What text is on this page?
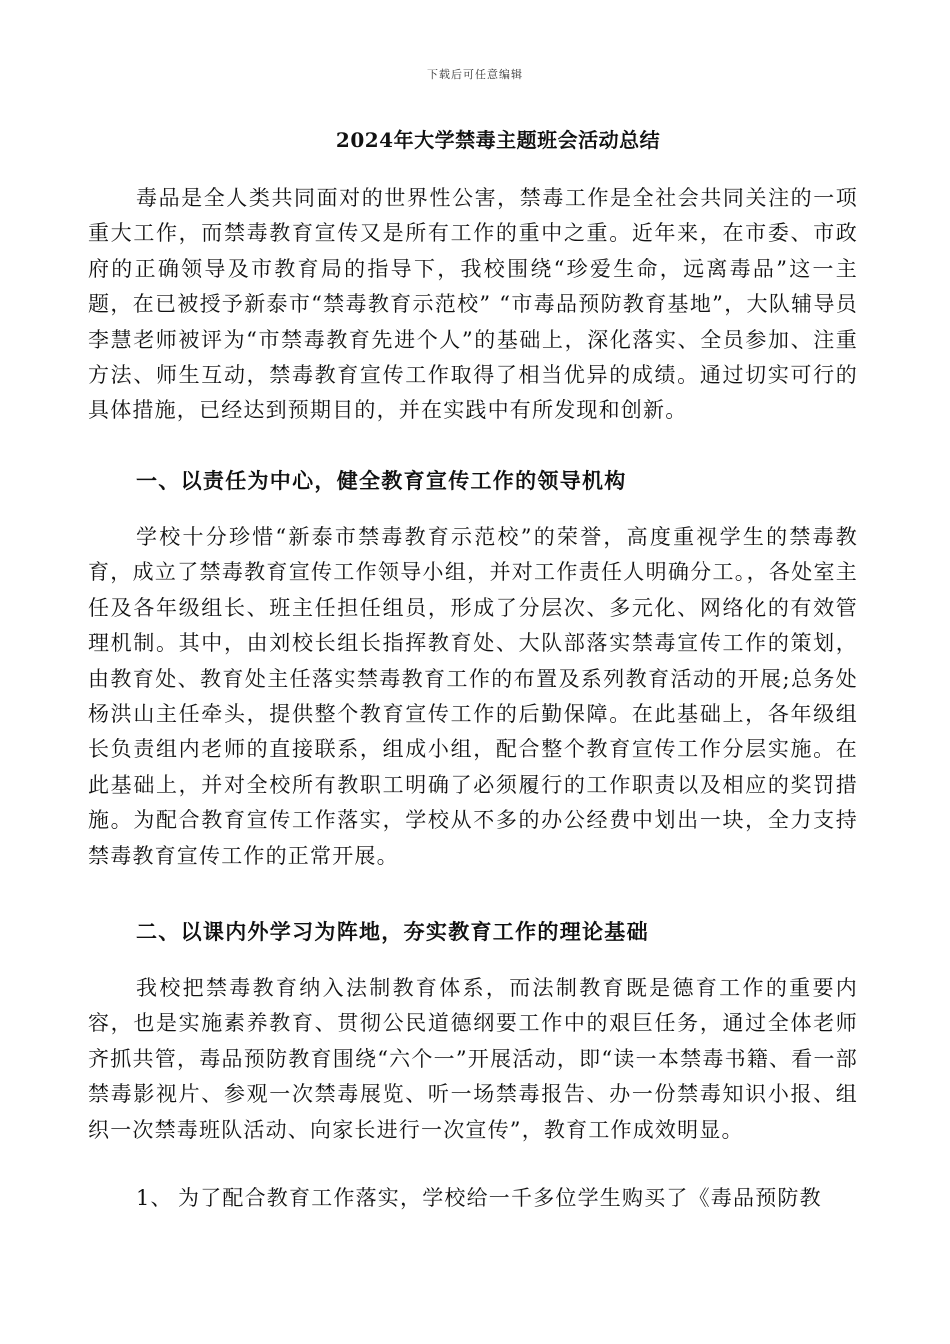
下载后可任意编辑
2024年大学禁毒主题班会活动总结

毒品是全人类共同面对的世界性公害，禁毒工作是全社会共同关注的一项重大工作，而禁毒教育宣传又是所有工作的重中之重。近年来，在市委、市政府的正确领导及市教育局的指导下，我校围绕“珍爱生命，远离毒品”这一主题，在已被授予新泰市“禁毒教育示范校” “市毒品预防教育基地”，大队辅导员李慧老师被评为“市禁毒教育先进个人”的基础上，深化落实、全员参加、注重方法、师生互动，禁毒教育宣传工作取得了相当优异的成绩。通过切实可行的具体措施，已经达到预期目的，并在实践中有所发现和创新。

一、以责任为中心，健全教育宣传工作的领导机构

学校十分珍惜“新泰市禁毒教育示范校”的荣誉，高度重视学生的禁毒教育，成立了禁毒教育宣传工作领导小组，并对工作责任人明确分工。，各处室主任及各年级组长、班主任担任组员，形成了分层次、多元化、网络化的有效管理机制。其中，由刘校长组长指挥教育处、大队部落实禁毒宣传工作的策划，由教育处、教育处主任落实禁毒教育工作的布置及系列教育活动的开展;总务处杨洪山主任牵头，提供整个教育宣传工作的后勤保障。在此基础上，各年级组长负责组内老师的直接联系，组成小组，配合整个教育宣传工作分层实施。在此基础上，并对全校所有教职工明确了必须履行的工作职责以及相应的奖罚措施。为配合教育宣传工作落实，学校从不多的办公经费中划出一块，全力支持禁毒教育宣传工作的正常开展。

二、以课内外学习为阵地，夯实教育工作的理论基础

我校把禁毒教育纳入法制教育体系，而法制教育既是德育工作的重要内容，也是实施素养教育、贯彻公民道德纲要工作中的艰巨任务，通过全体老师齐抓共管，毒品预防教育围绕“六个一”开展活动，即“读一本禁毒书籍、看一部禁毒影视片、参观一次禁毒展览、听一场禁毒报告、办一份禁毒知识小报、组织一次禁毒班队活动、向家长进行一次宣传”，教育工作成效明显。

1、 为了配合教育工作落实，学校给一千多位学生购买了《毒品预防教
